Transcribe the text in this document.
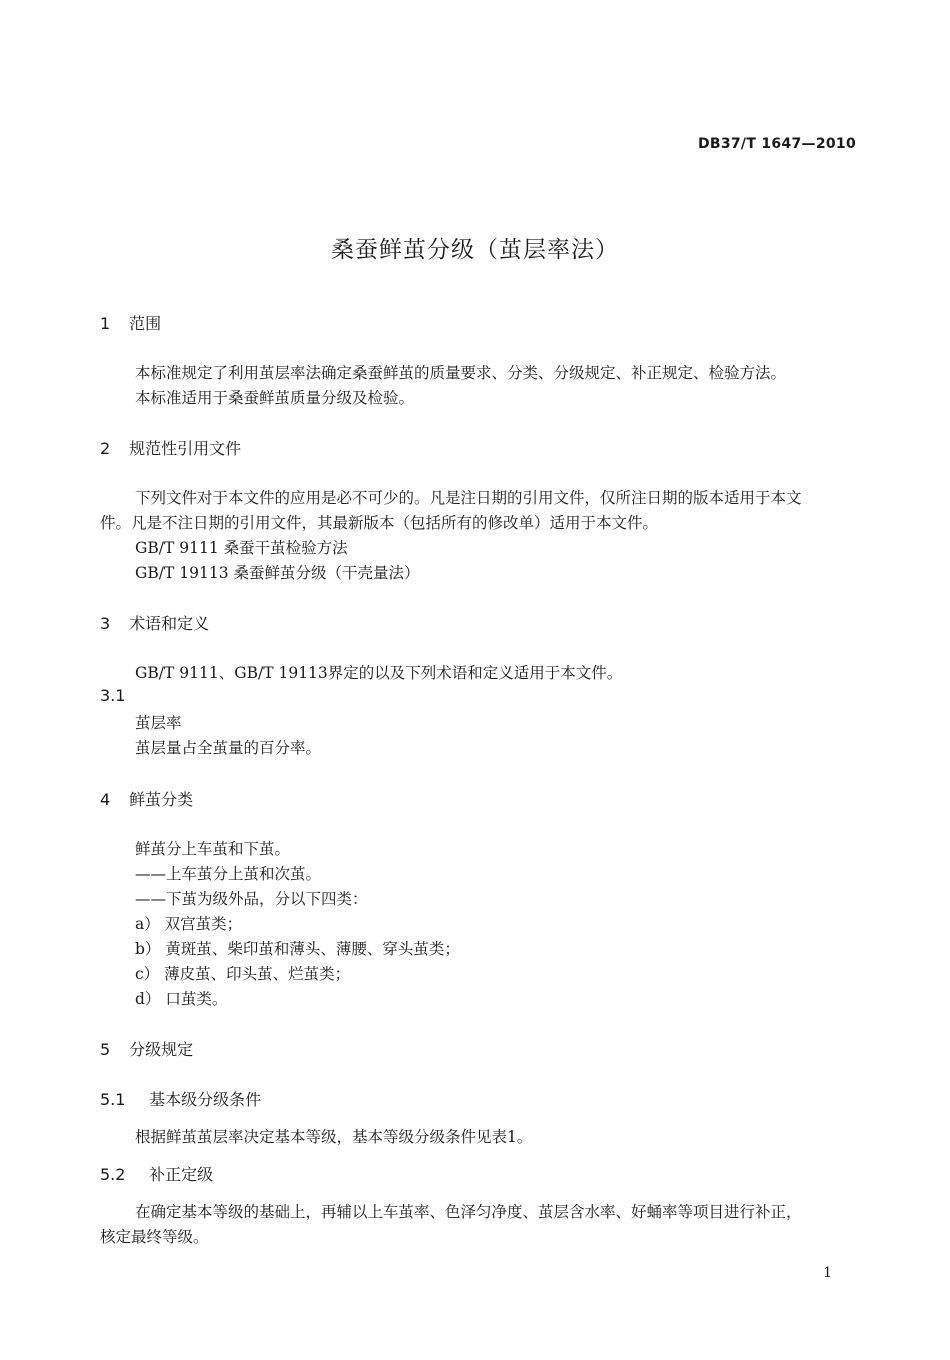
DB37/T 1647—2010
桑蚕鲜茧分级（茧层率法）
1 范围
本标准规定了利用茧层率法确定桑蚕鲜茧的质量要求、分类、分级规定、补正规定、检验方法。
本标准适用于桑蚕鲜茧质量分级及检验。
2 规范性引用文件
下列文件对于本文件的应用是必不可少的。凡是注日期的引用文件，仅所注日期的版本适用于本文
件。凡是不注日期的引用文件，其最新版本（包括所有的修改单）适用于本文件。
GB/T 9111 桑蚕干茧检验方法
GB/T 19113 桑蚕鲜茧分级（干壳量法）
3 术语和定义
GB/T 9111、GB/T 19113界定的以及下列术语和定义适用于本文件。
3.1
茧层率
茧层量占全茧量的百分率。
4 鲜茧分类
鲜茧分上车茧和下茧。
——上车茧分上茧和次茧。
——下茧为级外品，分以下四类：
a） 双宫茧类；
b） 黄斑茧、柴印茧和薄头、薄腰、穿头茧类；
c） 薄皮茧、印头茧、烂茧类；
d） 口茧类。
5 分级规定
5.1 基本级分级条件
根据鲜茧茧层率决定基本等级，基本等级分级条件见表1。
5.2 补正定级
在确定基本等级的基础上，再辅以上车茧率、色泽匀净度、茧层含水率、好蛹率等项目进行补正，
核定最终等级。
1
